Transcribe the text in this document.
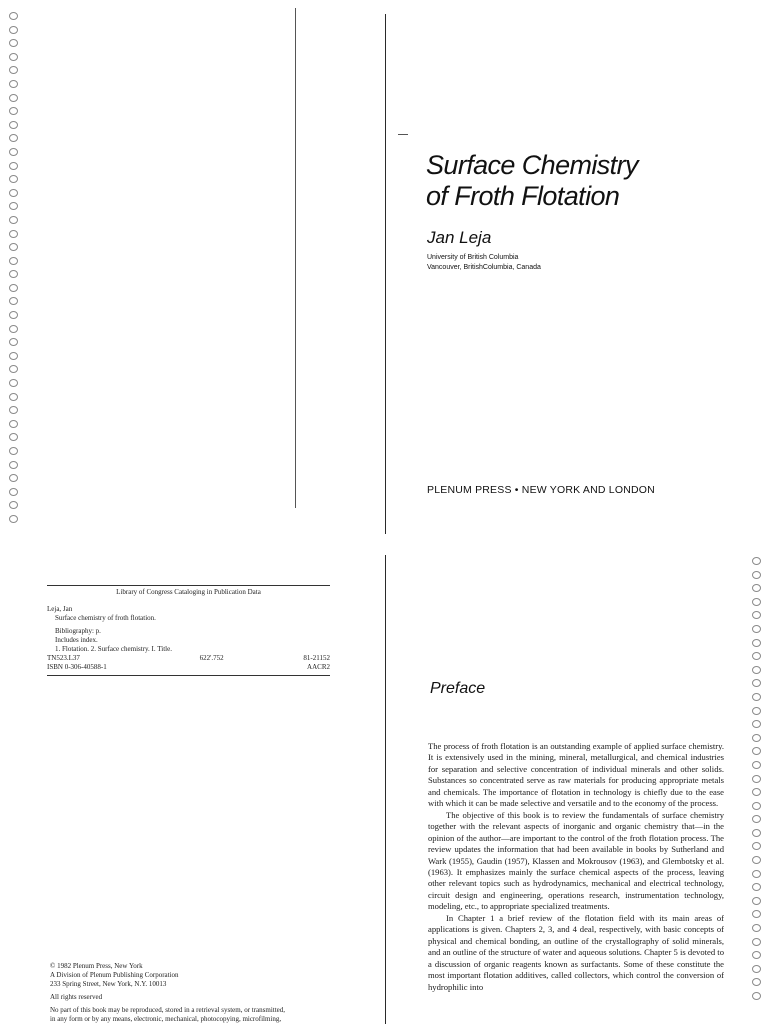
Surface Chemistry
of Froth Flotation
Jan Leja
University of British Columbia
Vancouver, BritishColumbia, Canada
PLENUM PRESS • NEW YORK AND LONDON
Library of Congress Cataloging in Publication Data
Leja, Jan
Surface chemistry of froth flotation.
Bibliography: p.
Includes index.
1. Flotation. 2. Surface chemistry. I. Title.
TN523.L37	622'.752	81-21152
ISBN 0-306-40588-1	AACR2
© 1982 Plenum Press, New York
A Division of Plenum Publishing Corporation
233 Spring Street, New York, N.Y. 10013
All rights reserved
No part of this book may be reproduced, stored in a retrieval system, or transmitted,
in any form or by any means, electronic, mechanical, photocopying, microfilming,
Preface

The process of froth flotation is an outstanding example of applied surface chemistry. It is extensively used in the mining, mineral, metallurgical, and chemical industries for separation and selective concentration of individual minerals and other solids. Substances so concentrated serve as raw materials for producing appropriate metals and chemicals. The importance of flotation in technology is chiefly due to the ease with which it can be made selective and versatile and to the economy of the process.

The objective of this book is to review the fundamentals of surface chemistry together with the relevant aspects of inorganic and organic chemistry that—in the opinion of the author—are important to the control of the froth flotation process. The review updates the information that had been available in books by Sutherland and Wark (1955), Gaudin (1957), Klassen and Mokrousov (1963), and Glembotsky et al. (1963). It emphasizes mainly the surface chemical aspects of the process, leaving other relevant topics such as hydrodynamics, mechanical and electrical technology, circuit design and engineering, operations research, instrumentation technology, modeling, etc., to appropriate specialized treatments.

In Chapter 1 a brief review of the flotation field with its main areas of applications is given. Chapters 2, 3, and 4 deal, respectively, with basic concepts of physical and chemical bonding, an outline of the crystallography of solid minerals, and an outline of the structure of water and aqueous solutions. Chapter 5 is devoted to a discussion of organic reagents known as surfactants. Some of these constitute the most important flotation additives, called collectors, which control the conversion of hydrophilic into
